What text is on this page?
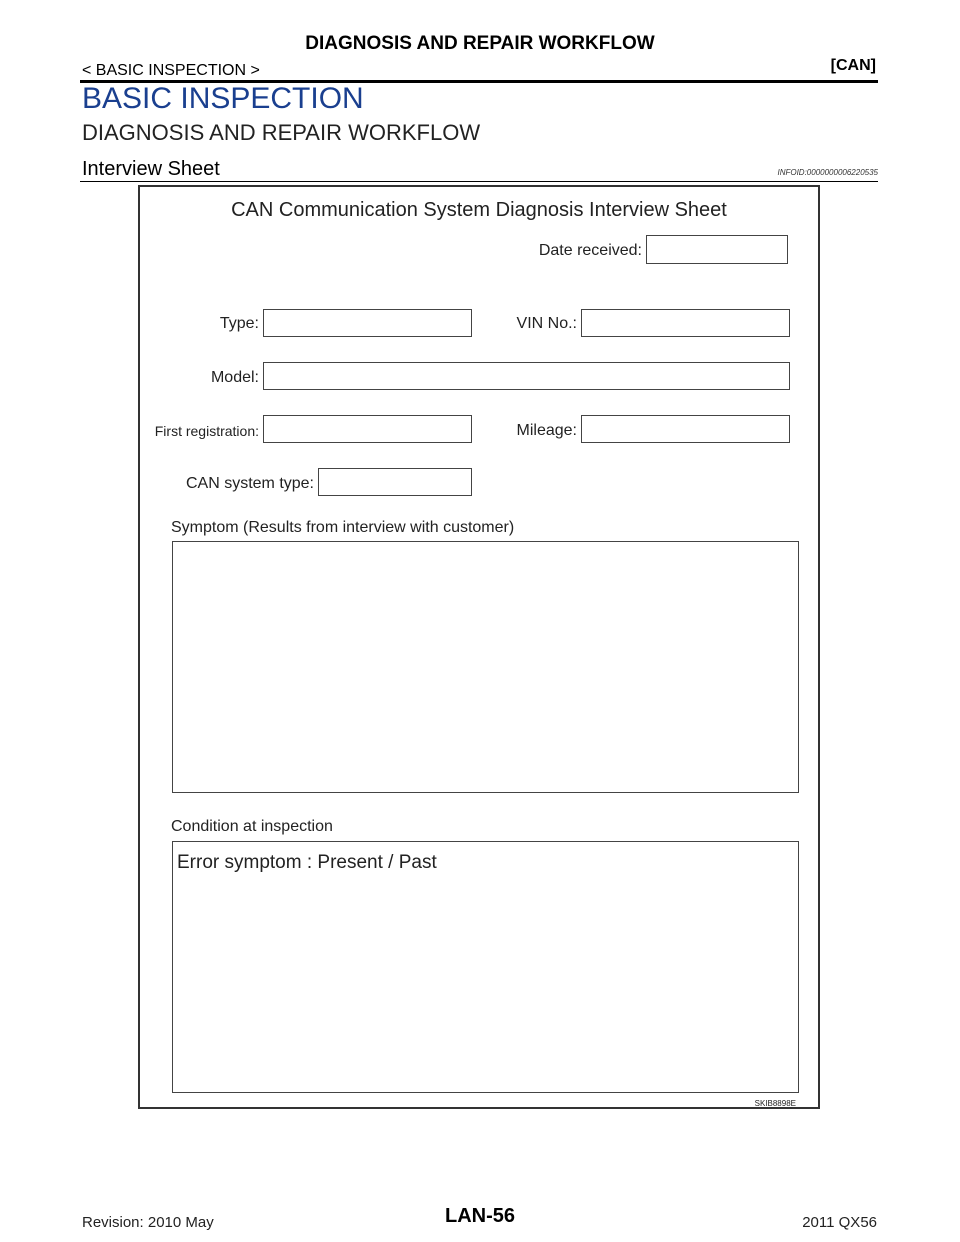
DIAGNOSIS AND REPAIR WORKFLOW
< BASIC INSPECTION >	[CAN]
BASIC INSPECTION
DIAGNOSIS AND REPAIR WORKFLOW
Interview Sheet	INFOID:0000000006220535
CAN Communication System Diagnosis Interview Sheet
Date received:
Type:	VIN No.:
Model:
First registration:	Mileage:
CAN system type:
Symptom (Results from interview with customer)
Condition at inspection
Error symptom : Present / Past
SKIB8898E
LAN-56
Revision: 2010 May	2011 QX56
